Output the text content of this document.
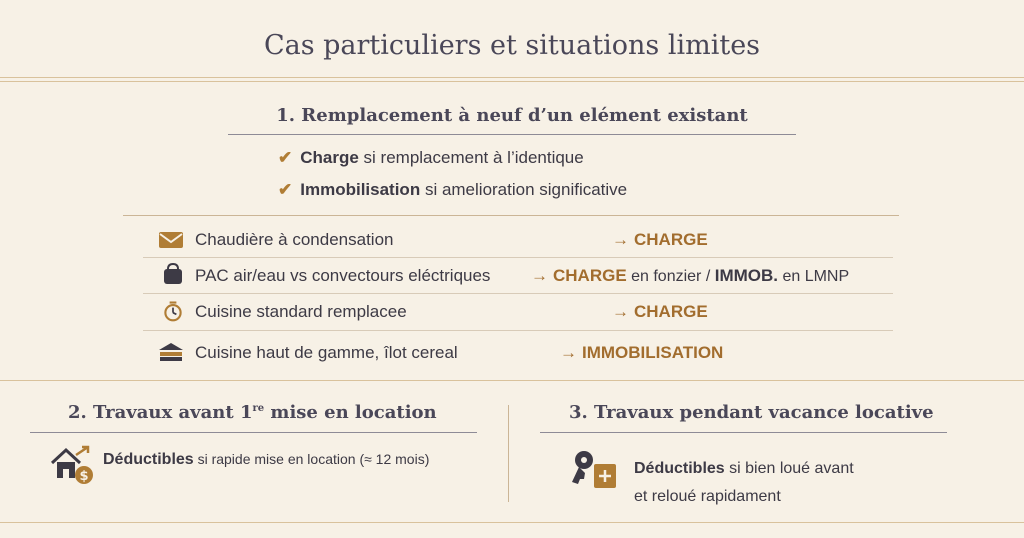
Cas particuliers et situations limites
1. Remplacement à neuf d’un elément existant
✔ Charge si remplacement à l’identique
✔ Immobilisation si amelioration significative
Chaudière à condensation	→ CHARGE
PAC air/eau vs convectours eléctriques → CHARGE en fonzier / IMMOB. en LMNP
Cuisine standard remplacee	→ CHARGE
Cuisine haut de gamme, îlot cereal	→ IMMOBILISATION
2. Travaux avant 1re mise en location
$
Déductibles si rapide mise en location (≈ 12 mois)
3. Travaux pendant vacance locative
Déductibles si bien loué avant
et reloué rapidament
